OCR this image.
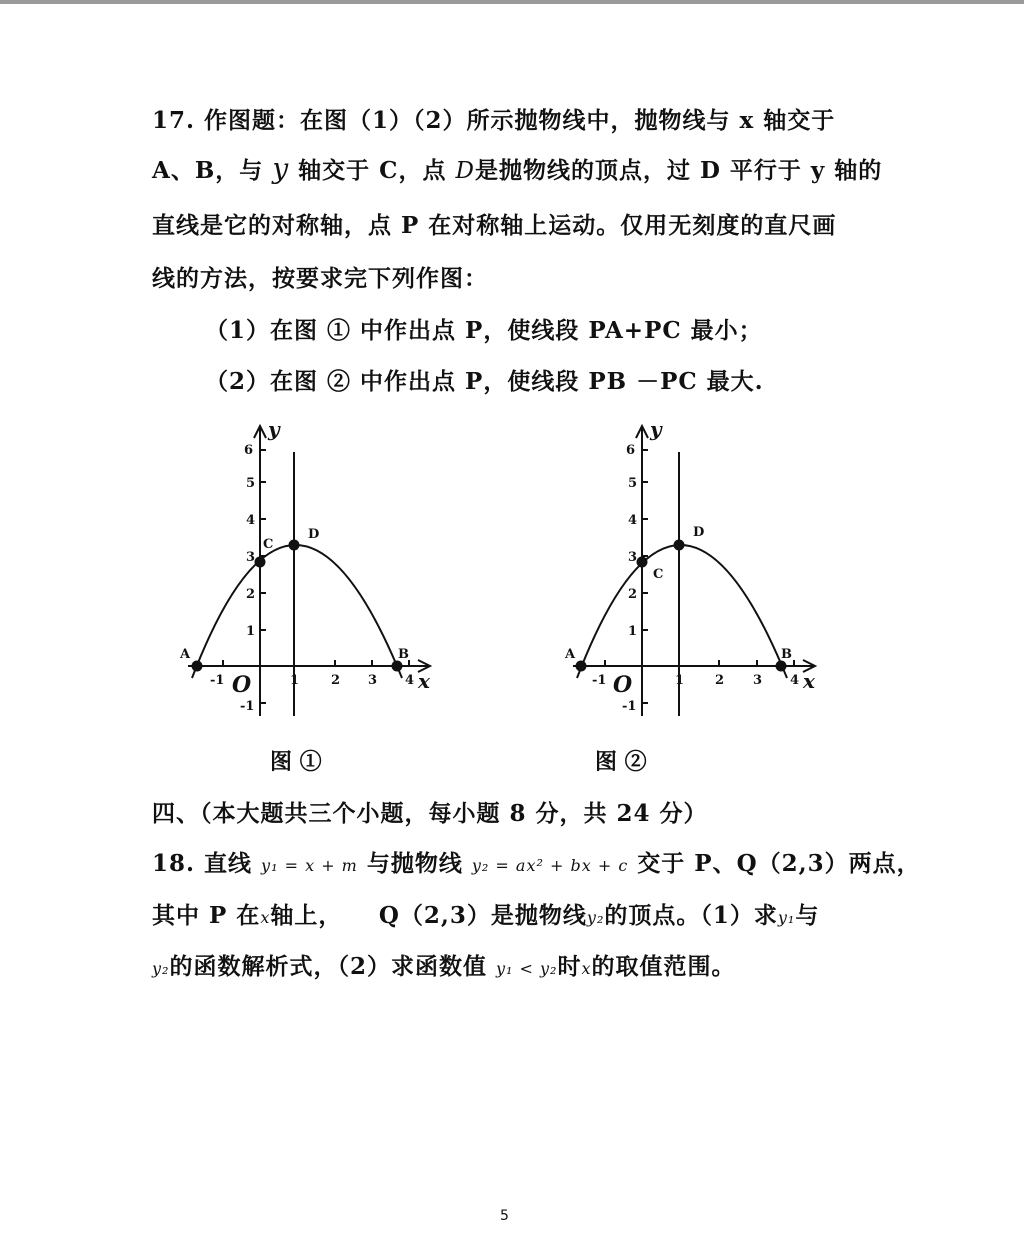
17. 作图题：在图（1）（2）所示抛物线中，抛物线与 x 轴交于
A、B，与 y 轴交于 C，点 D是抛物线的顶点，过 D 平行于 y 轴的
直线是它的对称轴，点 P 在对称轴上运动。仅用无刻度的直尺画
线的方法，按要求完下列作图：
（1）在图 ① 中作出点 P，使线段 PA+PC 最小；
（2）在图 ② 中作出点 P，使线段 PB －PC 最大.
6
5
4
3
2
1
-1
-1	1 2 3 4
A	B
C
D
y
x
O
6
5
4
3
2
1
-1
-1	1 2 3 4
A	B
C
D
y
x
O
图 ①	图 ②
四、（本大题共三个小题，每小题 8 分，共 24 分）
18. 直线 y₁ = x + m 与抛物线 y₂ = ax² + bx + c 交于 P、Q（2,3）两点，
其中 P 在x轴上，　　Q（2,3）是抛物线y₂的顶点。（1）求y₁与
y₂的函数解析式，（2）求函数值 y₁ < y₂时x的取值范围。
5
